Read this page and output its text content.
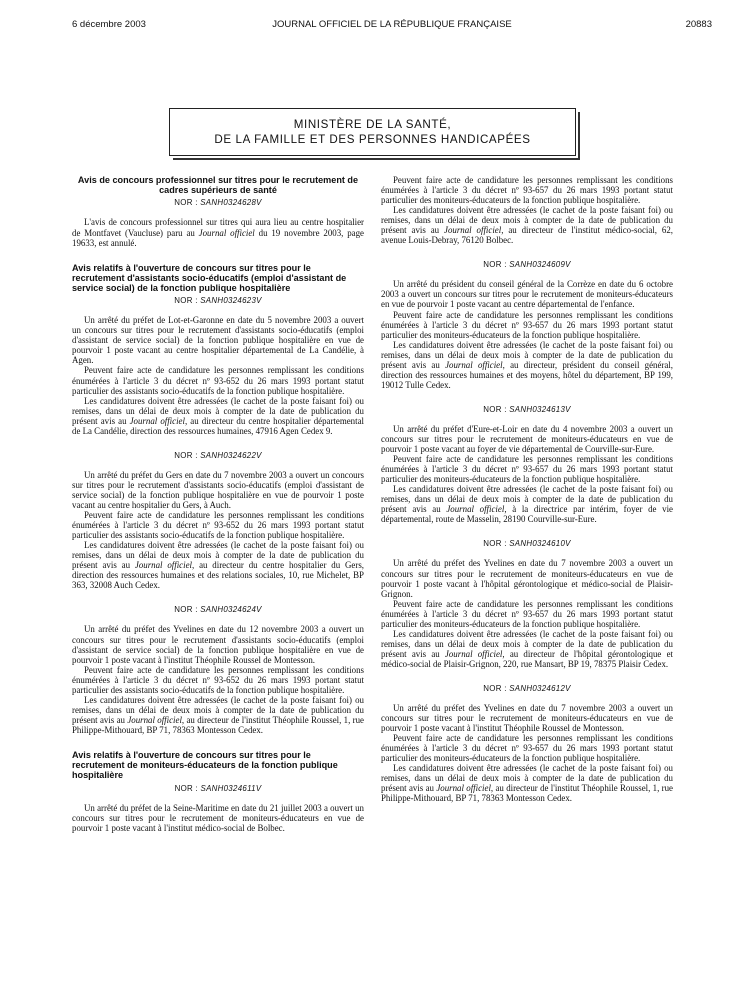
6 décembre 2003	JOURNAL OFFICIEL DE LA RÉPUBLIQUE FRANÇAISE	20883
MINISTÈRE DE LA SANTÉ,
DE LA FAMILLE ET DES PERSONNES HANDICAPÉES
Avis de concours professionnel sur titres pour le recrutement de cadres supérieurs de santé
NOR : SANH0324628V

L'avis de concours professionnel sur titres qui aura lieu au centre hospitalier de Montfavet (Vaucluse) paru au Journal officiel du 19 novembre 2003, page 19633, est annulé.

Avis relatifs à l'ouverture de concours sur titres pour le recrutement d'assistants socio-éducatifs (emploi d'assistant de service social) de la fonction publique hospitalière
NOR : SANH0324623V

Un arrêté du préfet de Lot-et-Garonne en date du 5 novembre 2003 a ouvert un concours sur titres pour le recrutement d'assistants socio-éducatifs (emploi d'assistant de service social) de la fonction publique hospitalière en vue de pourvoir 1 poste vacant au centre hospitalier départemental de La Candélie, à Agen.

Peuvent faire acte de candidature les personnes remplissant les conditions énumérées à l'article 3 du décret nº 93-652 du 26 mars 1993 portant statut particulier des assistants socio-éducatifs de la fonction publique hospitalière.

Les candidatures doivent être adressées (le cachet de la poste faisant foi) ou remises, dans un délai de deux mois à compter de la date de publication du présent avis au Journal officiel, au directeur du centre hospitalier départemental de La Candélie, direction des ressources humaines, 47916 Agen Cedex 9.

NOR : SANH0324622V

Un arrêté du préfet du Gers en date du 7 novembre 2003 a ouvert un concours sur titres pour le recrutement d'assistants socio-éducatifs (emploi d'assistant de service social) de la fonction publique hospitalière en vue de pourvoir 1 poste vacant au centre hospitalier du Gers, à Auch.

Peuvent faire acte de candidature les personnes remplissant les conditions énumérées à l'article 3 du décret nº 93-652 du 26 mars 1993 portant statut particulier des assistants socio-éducatifs de la fonction publique hospitalière.

Les candidatures doivent être adressées (le cachet de la poste faisant foi) ou remises, dans un délai de deux mois à compter de la date de publication du présent avis au Journal officiel, au directeur du centre hospitalier du Gers, direction des ressources humaines et des relations sociales, 10, rue Michelet, BP 363, 32008 Auch Cedex.

NOR : SANH0324624V

Un arrêté du préfet des Yvelines en date du 12 novembre 2003 a ouvert un concours sur titres pour le recrutement d'assistants socio-éducatifs (emploi d'assistant de service social) de la fonction publique hospitalière en vue de pourvoir 1 poste vacant à l'institut Théophile Roussel de Montesson.

Peuvent faire acte de candidature les personnes remplissant les conditions énumérées à l'article 3 du décret nº 93-652 du 26 mars 1993 portant statut particulier des assistants socio-éducatifs de la fonction publique hospitalière.

Les candidatures doivent être adressées (le cachet de la poste faisant foi) ou remises, dans un délai de deux mois à compter de la date de publication du présent avis au Journal officiel, au directeur de l'institut Théophile Roussel, 1, rue Philippe-Mithouard, BP 71, 78363 Montesson Cedex.

Avis relatifs à l'ouverture de concours sur titres pour le recrutement de moniteurs-éducateurs de la fonction publique hospitalière
NOR : SANH0324611V

Un arrêté du préfet de la Seine-Maritime en date du 21 juillet 2003 a ouvert un concours sur titres pour le recrutement de moniteurs-éducateurs en vue de pourvoir 1 poste vacant à l'institut médico-social de Bolbec.

Peuvent faire acte de candidature les personnes remplissant les conditions énumérées à l'article 3 du décret nº 93-657 du 26 mars 1993 portant statut particulier des moniteurs-éducateurs de la fonction publique hospitalière.

Les candidatures doivent être adressées (le cachet de la poste faisant foi) ou remises, dans un délai de deux mois à compter de la date de publication du présent avis au Journal officiel, au directeur de l'institut médico-social, 62, avenue Louis-Debray, 76120 Bolbec.

NOR : SANH0324609V

Un arrêté du président du conseil général de la Corrèze en date du 6 octobre 2003 a ouvert un concours sur titres pour le recrutement de moniteurs-éducateurs en vue de pourvoir 1 poste vacant au centre départemental de l'enfance.

Peuvent faire acte de candidature les personnes remplissant les conditions énumérées à l'article 3 du décret nº 93-657 du 26 mars 1993 portant statut particulier des moniteurs-éducateurs de la fonction publique hospitalière.

Les candidatures doivent être adressées (le cachet de la poste faisant foi) ou remises, dans un délai de deux mois à compter de la date de publication du présent avis au Journal officiel, au directeur, président du conseil général, direction des ressources humaines et des moyens, hôtel du département, BP 199, 19012 Tulle Cedex.

NOR : SANH0324613V

Un arrêté du préfet d'Eure-et-Loir en date du 4 novembre 2003 a ouvert un concours sur titres pour le recrutement de moniteurs-éducateurs en vue de pourvoir 1 poste vacant au foyer de vie départemental de Courville-sur-Eure.

Peuvent faire acte de candidature les personnes remplissant les conditions énumérées à l'article 3 du décret nº 93-657 du 26 mars 1993 portant statut particulier des moniteurs-éducateurs de la fonction publique hospitalière.

Les candidatures doivent être adressées (le cachet de la poste faisant foi) ou remises, dans un délai de deux mois à compter de la date de publication du présent avis au Journal officiel, à la directrice par intérim, foyer de vie départemental, route de Masselin, 28190 Courville-sur-Eure.

NOR : SANH0324610V

Un arrêté du préfet des Yvelines en date du 7 novembre 2003 a ouvert un concours sur titres pour le recrutement de moniteurs-éducateurs en vue de pourvoir 1 poste vacant à l'hôpital gérontologique et médico-social de Plaisir-Grignon.

Peuvent faire acte de candidature les personnes remplissant les conditions énumérées à l'article 3 du décret nº 93-657 du 26 mars 1993 portant statut particulier des moniteurs-éducateurs de la fonction publique hospitalière.

Les candidatures doivent être adressées (le cachet de la poste faisant foi) ou remises, dans un délai de deux mois à compter de la date de publication du présent avis au Journal officiel, au directeur de l'hôpital gérontologique et médico-social de Plaisir-Grignon, 220, rue Mansart, BP 19, 78375 Plaisir Cedex.

NOR : SANH0324612V

Un arrêté du préfet des Yvelines en date du 7 novembre 2003 a ouvert un concours sur titres pour le recrutement de moniteurs-éducateurs en vue de pourvoir 1 poste vacant à l'institut Théophile Roussel de Montesson.

Peuvent faire acte de candidature les personnes remplissant les conditions énumérées à l'article 3 du décret nº 93-657 du 26 mars 1993 portant statut particulier des moniteurs-éducateurs de la fonction publique hospitalière.

Les candidatures doivent être adressées (le cachet de la poste faisant foi) ou remises, dans un délai de deux mois à compter de la date de publication du présent avis au Journal officiel, au directeur de l'institut Théophile Roussel, 1, rue Philippe-Mithouard, BP 71, 78363 Montesson Cedex.
